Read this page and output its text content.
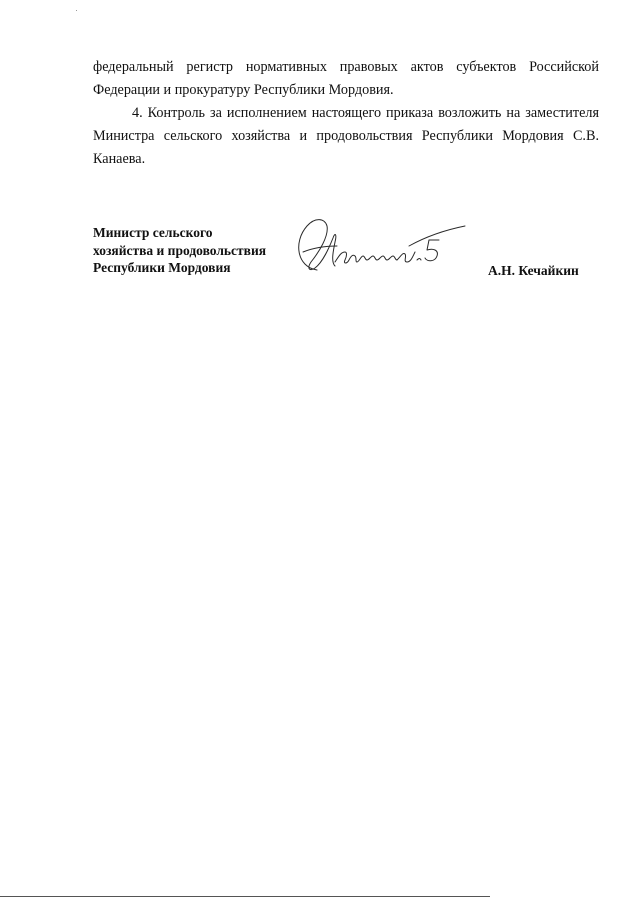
федеральный регистр нормативных правовых актов субъектов Российской Федерации и прокуратуру Республики Мордовия.

4. Контроль за исполнением настоящего приказа возложить на заместителя Министра сельского хозяйства и продовольствия Республики Мордовия С.В. Канаева.

Министр сельского
хозяйства и продовольствия
Республики Мордовия	А.Н. Кечайкин
